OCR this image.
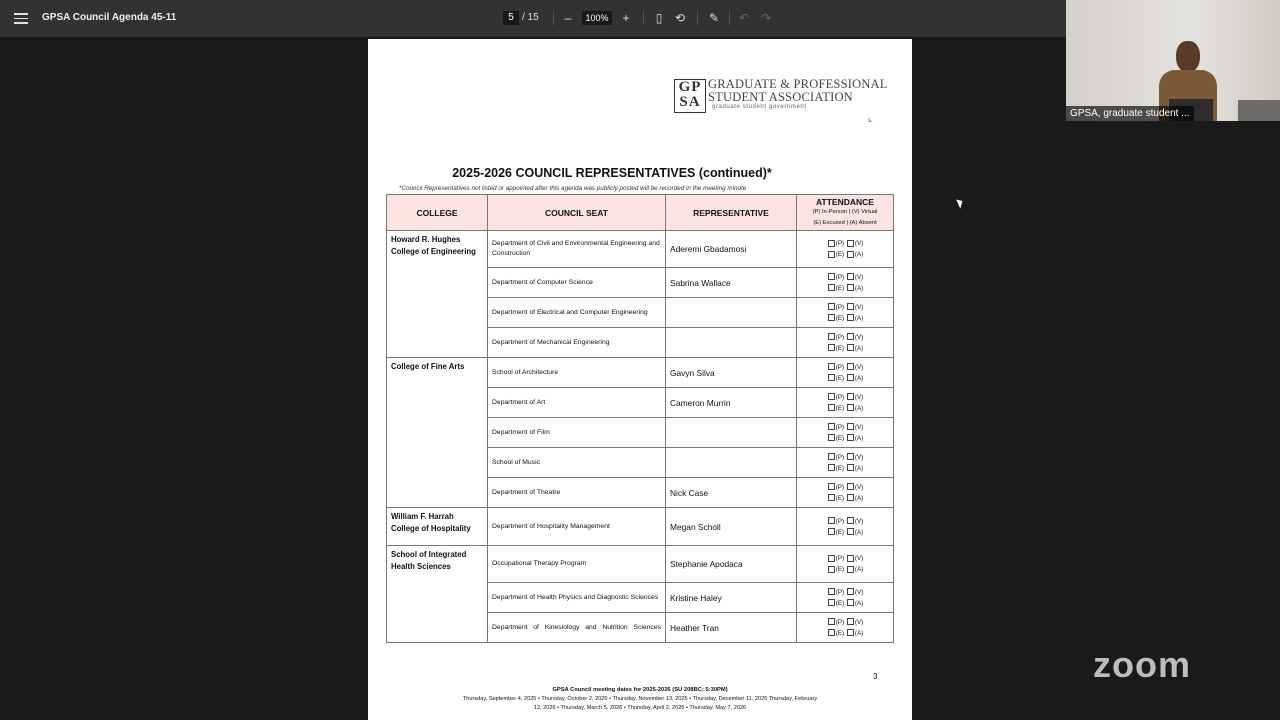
GPSA Council Agenda 45-11	5 / 15	–	100% +	▯	⟲ ✎ ↶ ↷
GP
SA
GRADUATE & PROFESSIONAL
STUDENT ASSOCIATION
graduate student government
s.
2025-2026 COUNCIL REPRESENTATIVES (continued)*
*Council Representatives not listed or appointed after this agenda was publicly posted will be recorded in the meeting minute
COLLEGE	COUNCIL SEAT	REPRESENTATIVE	ATTENDANCE
(P) In-Person | (V) Virtual
(E) Excused | (A) Absent

Howard R. Hughes College of Engineering	Department of Civil and Environmental Engineering and Construction	Aderemi Gbadamosi	(P) (V)
(E) (A)

	Department of Computer Science	Sabrina Wallace	(P) (V)
(E) (A)

	Department of Electrical and Computer Engineering		(P) (V)
(E) (A)

	Department of Mechanical Engineering		(P) (V)
(E) (A)

College of Fine Arts	School of Architecture	Gavyn Silva	(P) (V)
(E) (A)

	Department of Art	Cameron Murrin	(P) (V)
(E) (A)

	Department of Film		(P) (V)
(E) (A)

	School of Music		(P) (V)
(E) (A)

	Department of Theatre	Nick Case	(P) (V)
(E) (A)

William F. Harrah College of Hospitality	Department of Hospitality Management	Megan Scholl	(P) (V)
(E) (A)

School of Integrated Health Sciences	Occupational Therapy Program	Stephanie Apodaca	(P) (V)
(E) (A)

	Department of Health Physics and Diagnostic Sciences	Kristine Haley	(P) (V)
(E) (A)

	Department of Kinesiology and Nutrition Sciences	Heather Tran	(P) (V)
(E) (A)
3
GPSA Council meeting dates for 2025-2026 (SU 208BC; 5:30PM)
Thursday, September 4, 2025 • Thursday, October 2, 2025 • Thursday, November 13, 2025 • Thursday, December 11, 2025 Thursday, February
12, 2026 • Thursday, March 5, 2026 • Thursday, April 2, 2026 • Thursday, May 7, 2026
GPSA, graduate student ...
zoom
